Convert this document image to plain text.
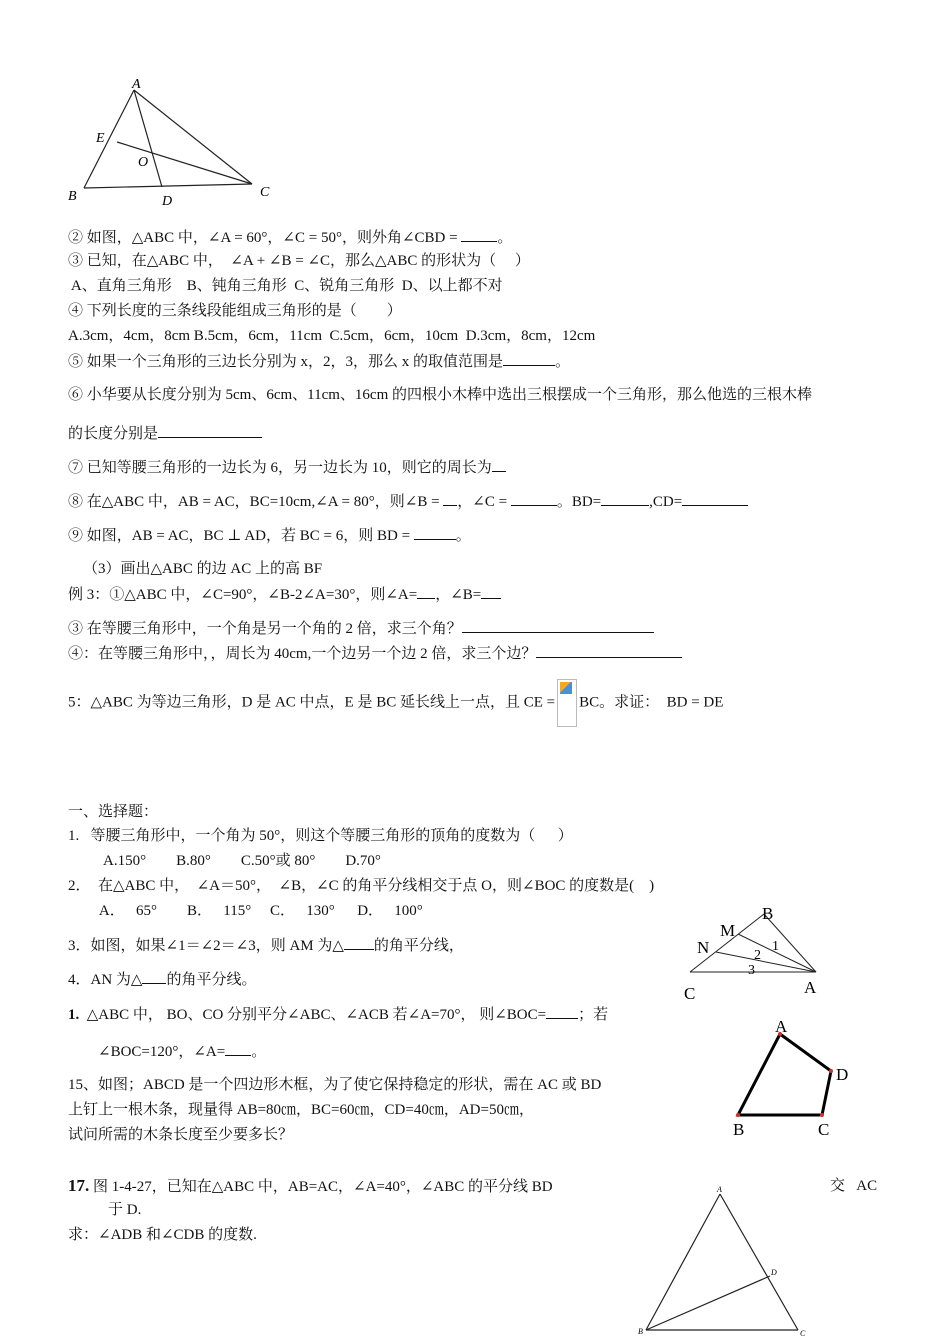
A
E
O
B	D
C
② 如图，△ABC 中，∠A = 60°，∠C = 50°，则外角∠CBD = 。
③ 已知，在△ABC 中，  ∠A + ∠B = ∠C，那么△ABC 的形状为（     ）
A、直角三角形    B、钝角三角形  C、锐角三角形  D、以上都不对
④ 下列长度的三条线段能组成三角形的是（        ）
A.3cm，4cm，8cm B.5cm，6cm，11cm  C.5cm，6cm，10cm  D.3cm，8cm，12cm
⑤ 如果一个三角形的三边长分别为 x，2，3，那么 x 的取值范围是	。
⑥ 小华要从长度分别为 5cm、6cm、11cm、16cm 的四根小木棒中选出三根摆成一个三角形，那么他选的三根木棒
的长度分别是
⑦ 已知等腰三角形的一边长为 6，另一边长为 10，则它的周长为
⑧ 在△ABC 中，AB = AC，BC=10cm,∠A = 80°，则∠B = ，∠C =	。BD=	,CD=
⑨ 如图，AB = AC，BC ⊥ AD，若 BC = 6，则 BD =	。
（3）画出△ABC 的边 AC 上的高 BF
例 3：①△ABC 中，∠C=90°，∠B-2∠A=30°，则∠A= ，∠B=
③ 在等腰三角形中，一个角是另一个角的 2 倍，求三个角？
④：在等腰三角形中，，周长为 40cm,一个边另一个边 2 倍，求三个边？
5：△ABC 为等边三角形，D 是 AC 中点，E 是 BC 延长线上一点，且 CE = BC。求证：  BD = DE
一、选择题：
1.   等腰三角形中，一个角为 50°，则这个等腰三角形的顶角的度数为（      ）
A.150°        B.80°        C.50°或 80°        D.70°
2．  在△ABC 中，  ∠A＝50°，  ∠B，∠C 的角平分线相交于点 O，则∠BOC 的度数是(    )
A．   65°        B．   115°     C．   130°      D．   100°
3．如图，如果∠1＝∠2＝∠3，则 AM 为△ 的角平分线，
4．AN 为△ 的角平分线。
1.  △ABC 中， BO、CO 分别平分∠ABC、∠ACB 若∠A=70°， 则∠BOC= ；若
∠BOC=120°，∠A= 。
15、如图；ABCD 是一个四边形木框，为了使它保持稳定的形状，需在 AC 或 BD
上钉上一根木条，现量得 AB=80㎝，BC=60㎝，CD=40㎝，AD=50㎝，
试问所需的木条长度至少要多长？
17. 图 1-4-27，已知在△ABC 中，AB=AC，∠A=40°，∠ABC 的平分线 BD	交   AC
于 D.
求：∠ADB 和∠CDB 的度数.
B
M
N	1
2
3
C	A
A
D
B	C
A
D
B	C
